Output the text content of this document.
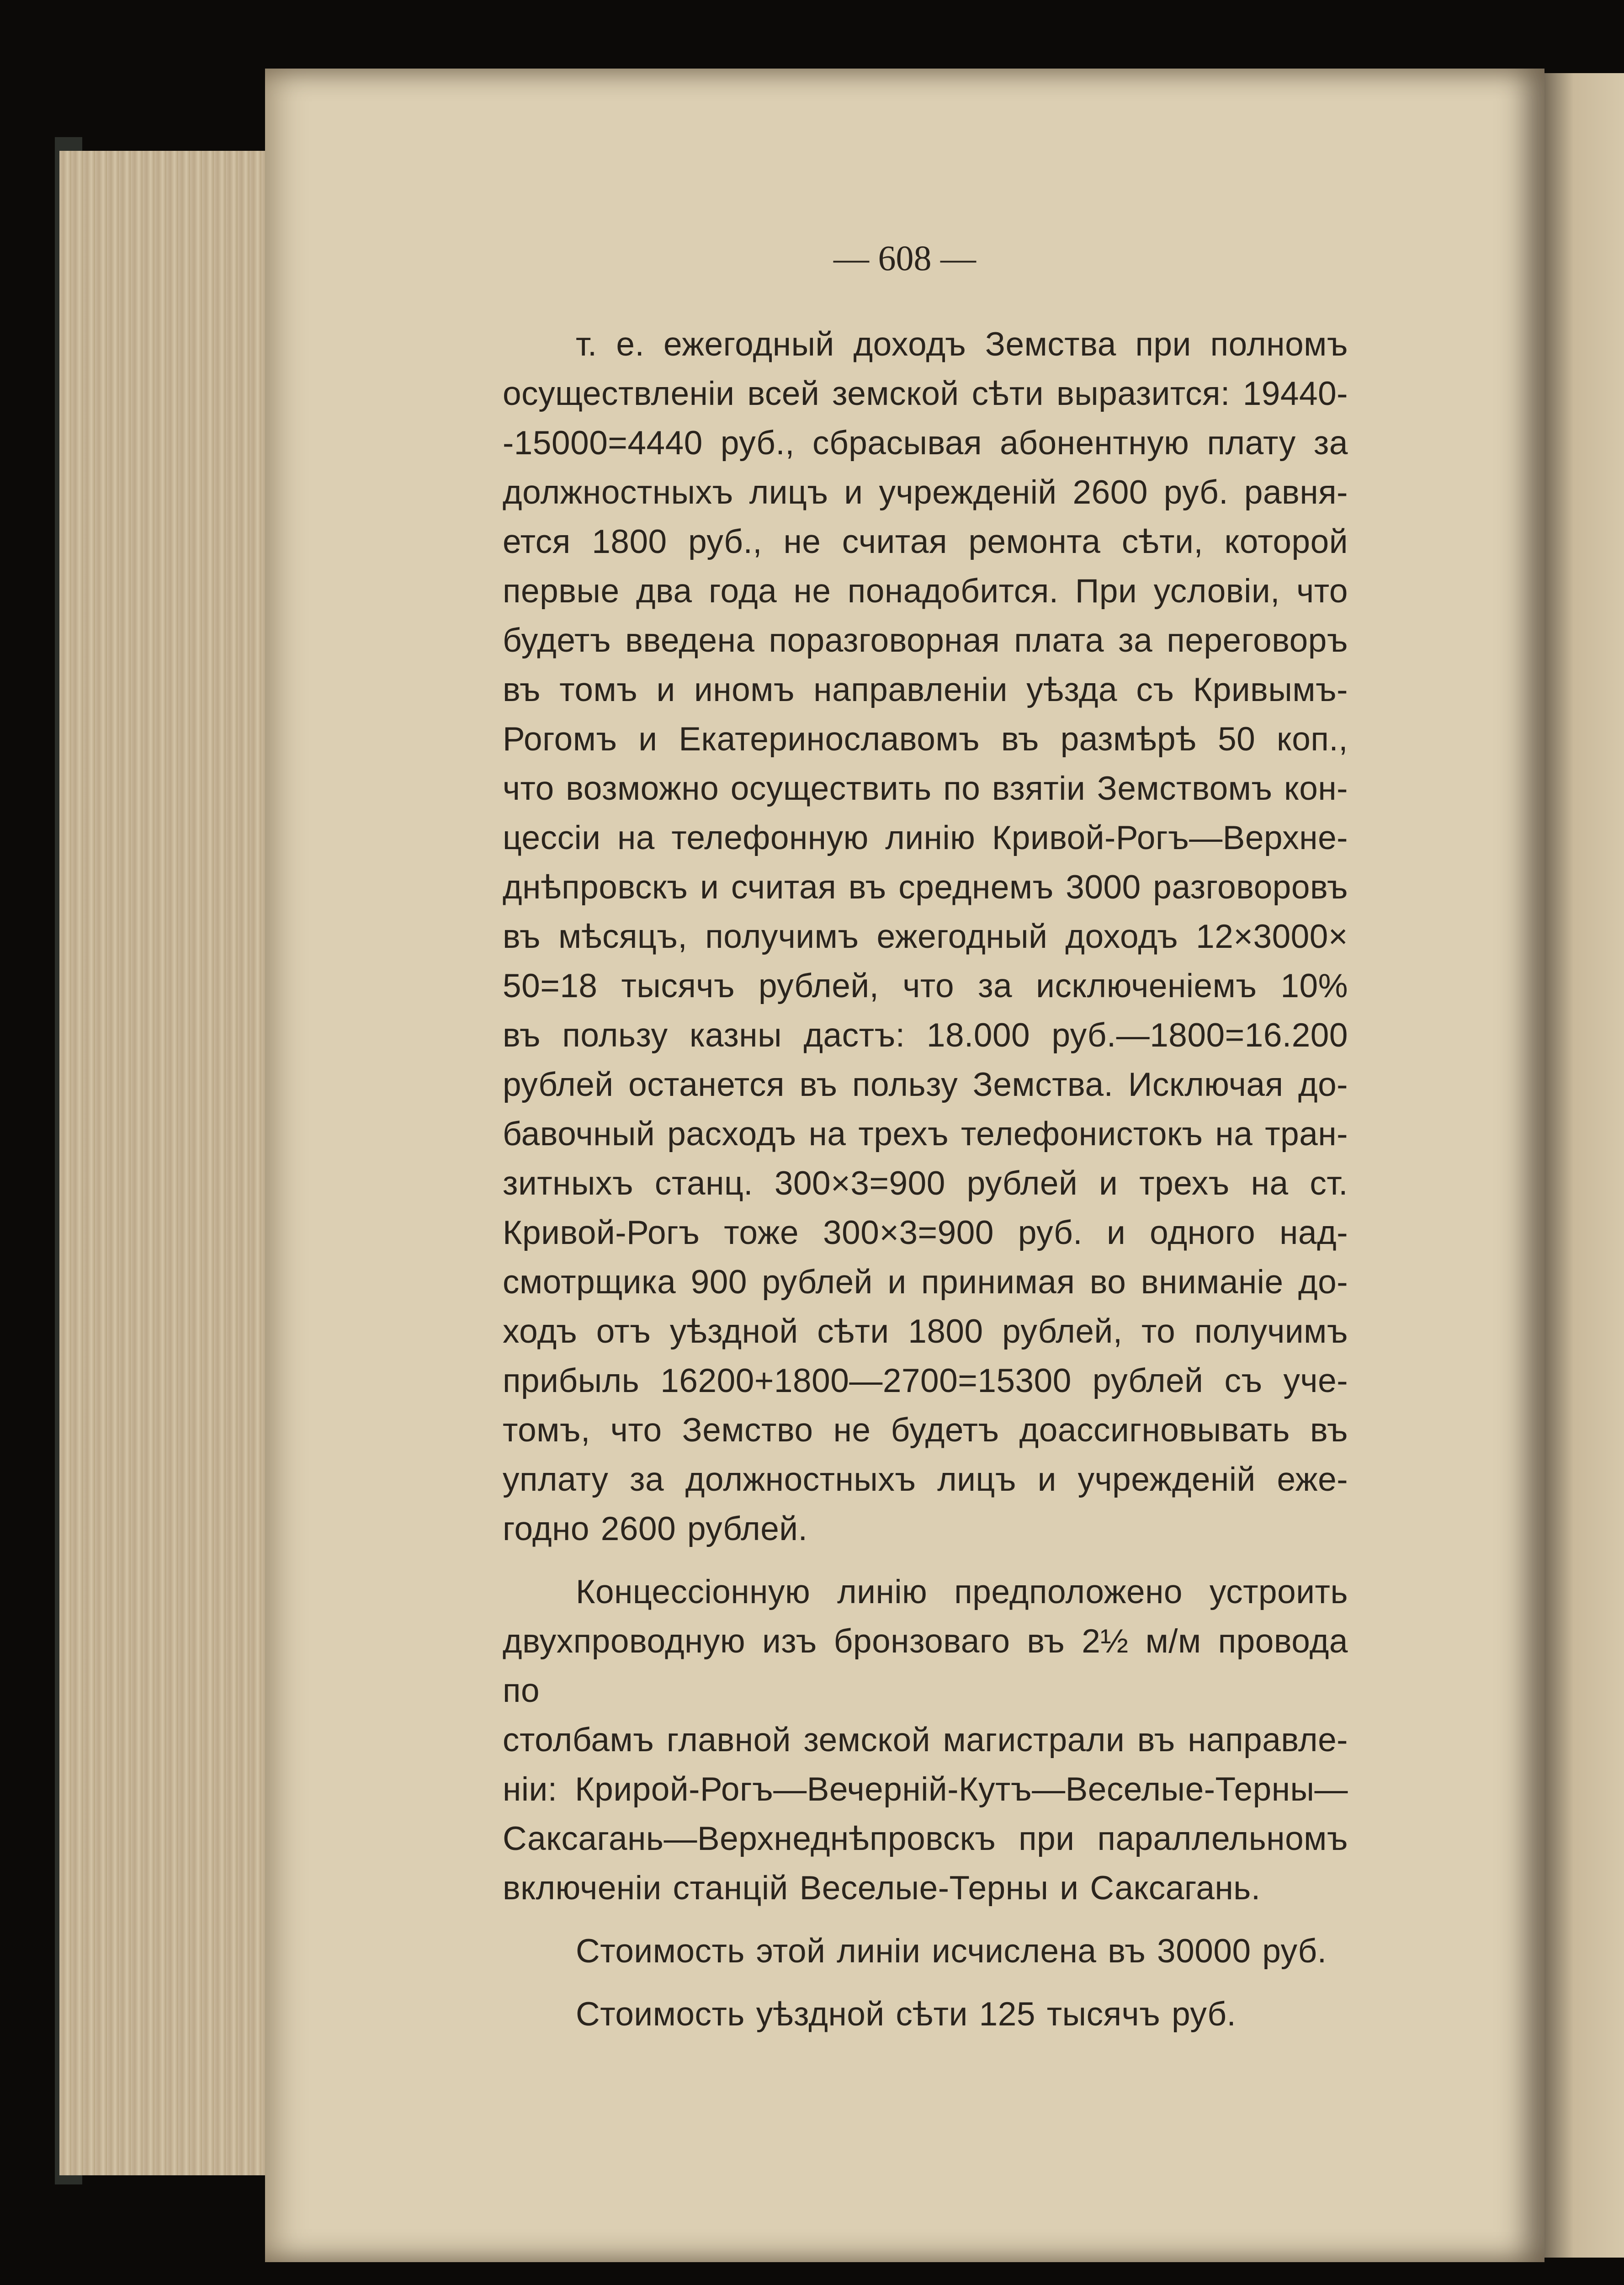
— 608 —

т. е. ежегодный доходъ Земства при полномъ

осуществленіи всей земской сѣти выразится: 19440-

-15000=4440 руб., сбрасывая абонентную плату за

должностныхъ лицъ и учрежденій 2600 руб. равня-

ется 1800 руб., не считая ремонта сѣти, которой

первые два года не понадобится. При условіи, что

будетъ введена поразговорная плата за переговоръ

въ томъ и иномъ направленіи уѣзда съ Кривымъ-

Рогомъ и Екатеринославомъ въ размѣрѣ 50 коп.,

что возможно осуществить по взятіи Земствомъ кон-

цессіи на телефонную линію Кривой-Рогъ—Верхне-

днѣпровскъ и считая въ среднемъ 3000 разговоровъ

въ мѣсяцъ, получимъ ежегодный доходъ 12×3000×

50=18 тысячъ рублей, что за исключеніемъ 10%

въ пользу казны дастъ: 18.000 руб.—1800=16.200

рублей останется въ пользу Земства. Исключая до-

бавочный расходъ на трехъ телефонистокъ на тран-

зитныхъ станц. 300×3=900 рублей и трехъ на ст.

Кривой-Рогъ тоже 300×3=900 руб. и одного над-

смотрщика 900 рублей и принимая во вниманіе до-

ходъ отъ уѣздной сѣти 1800 рублей, то получимъ

прибыль 16200+1800—2700=15300 рублей съ уче-

томъ, что Земство не будетъ доассигновывать въ

уплату за должностныхъ лицъ и учрежденій еже-

годно 2600 рублей.

Концессіонную линію предположено устроить

двухпроводную изъ бронзоваго въ 2½ м/м провода по

столбамъ главной земской магистрали въ направле-

ніи: Крирой-Рогъ—Вечерній-Кутъ—Веселые-Терны—

Саксагань—Верхнеднѣпровскъ при параллельномъ

включеніи станцій Веселые-Терны и Саксагань.

Стоимость этой линіи исчислена въ 30000 руб.

Стоимость уѣздной сѣти 125 тысячъ руб.
